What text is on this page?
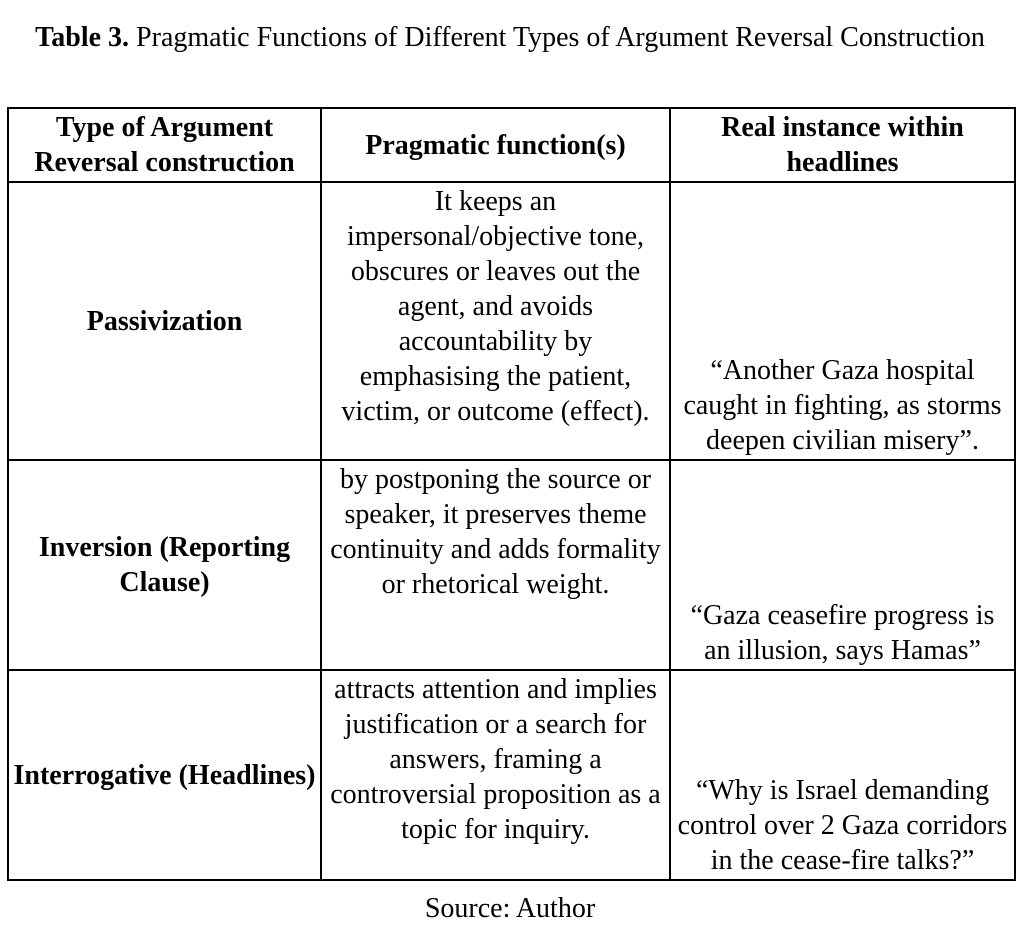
Table 3. Pragmatic Functions of Different Types of Argument Reversal Construction
Type of Argument Reversal construction	Pragmatic function(s)	Real instance within headlines
Passivization	It keeps an impersonal/objective tone, obscures or leaves out the agent, and avoids accountability by emphasising the patient, victim, or outcome (effect).	“Another Gaza hospital caught in fighting, as storms deepen civilian misery”.
Inversion (Reporting Clause)	by postponing the source or speaker, it preserves theme continuity and adds formality or rhetorical weight.	“Gaza ceasefire progress is an illusion, says Hamas”
Interrogative (Headlines)	attracts attention and implies justification or a search for answers, framing a controversial proposition as a topic for inquiry.	“Why is Israel demanding control over 2 Gaza corridors in the cease-fire talks?”
Source: Author
